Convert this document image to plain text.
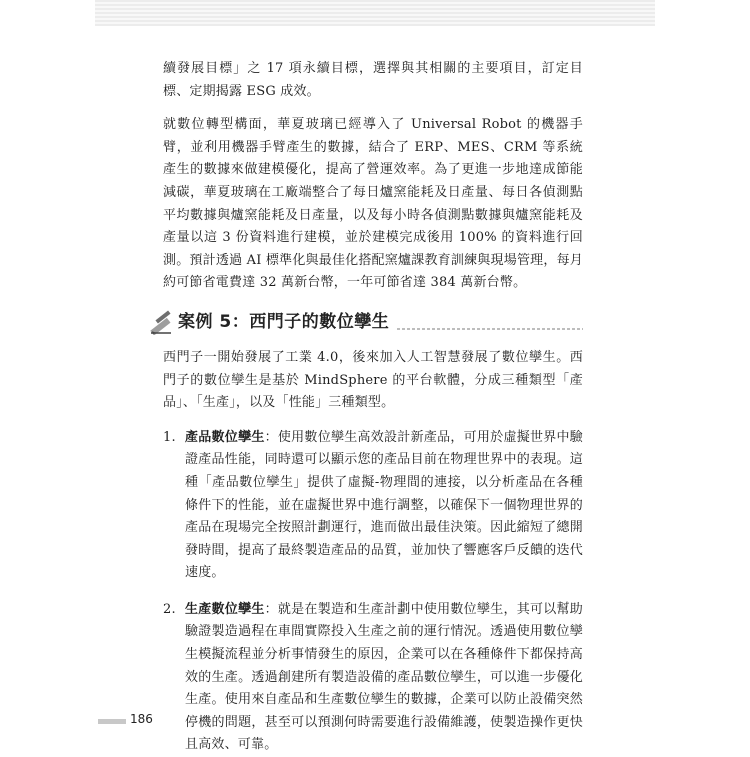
續發展目標」之 17 項永續目標，選擇與其相關的主要項目，訂定目標、定期揭露 ESG 成效。

就數位轉型構面，華夏玻璃已經導入了 Universal Robot 的機器手臂，並利用機器手臂產生的數據，結合了 ERP、MES、CRM 等系統產生的數據來做建模優化，提高了營運效率。為了更進一步地達成節能減碳，華夏玻璃在工廠端整合了每日爐窯能耗及日產量、每日各偵測點平均數據與爐窯能耗及日產量，以及每小時各偵測點數據與爐窯能耗及產量以這 3 份資料進行建模，並於建模完成後用 100% 的資料進行回測。預計透過 AI 標準化與最佳化搭配窯爐課教育訓練與現場管理，每月約可節省電費達 32 萬新台幣，一年可節省達 384 萬新台幣。

案例 5：西門子的數位孿生

西門子一開始發展了工業 4.0，後來加入人工智慧發展了數位孿生。西門子的數位孿生是基於 MindSphere 的平台軟體，分成三種類型「產品」、「生產」，以及「性能」三種類型。

1. 產品數位孿生：使用數位孿生高效設計新產品，可用於虛擬世界中驗證產品性能，同時還可以顯示您的產品目前在物理世界中的表現。這種「產品數位孿生」提供了虛擬-物理間的連接，以分析產品在各種條件下的性能，並在虛擬世界中進行調整，以確保下一個物理世界的產品在現場完全按照計劃運行，進而做出最佳決策。因此縮短了總開發時間，提高了最終製造產品的品質，並加快了響應客戶反饋的迭代速度。

2. 生產數位孿生：就是在製造和生產計劃中使用數位孿生，其可以幫助驗證製造過程在車間實際投入生產之前的運行情況。透過使用數位孿生模擬流程並分析事情發生的原因，企業可以在各種條件下都保持高效的生產。透過創建所有製造設備的產品數位孿生，可以進一步優化生產。使用來自產品和生產數位孿生的數據，企業可以防止設備突然停機的問題，甚至可以預測何時需要進行設備維護，使製造操作更快且高效、可靠。

186
